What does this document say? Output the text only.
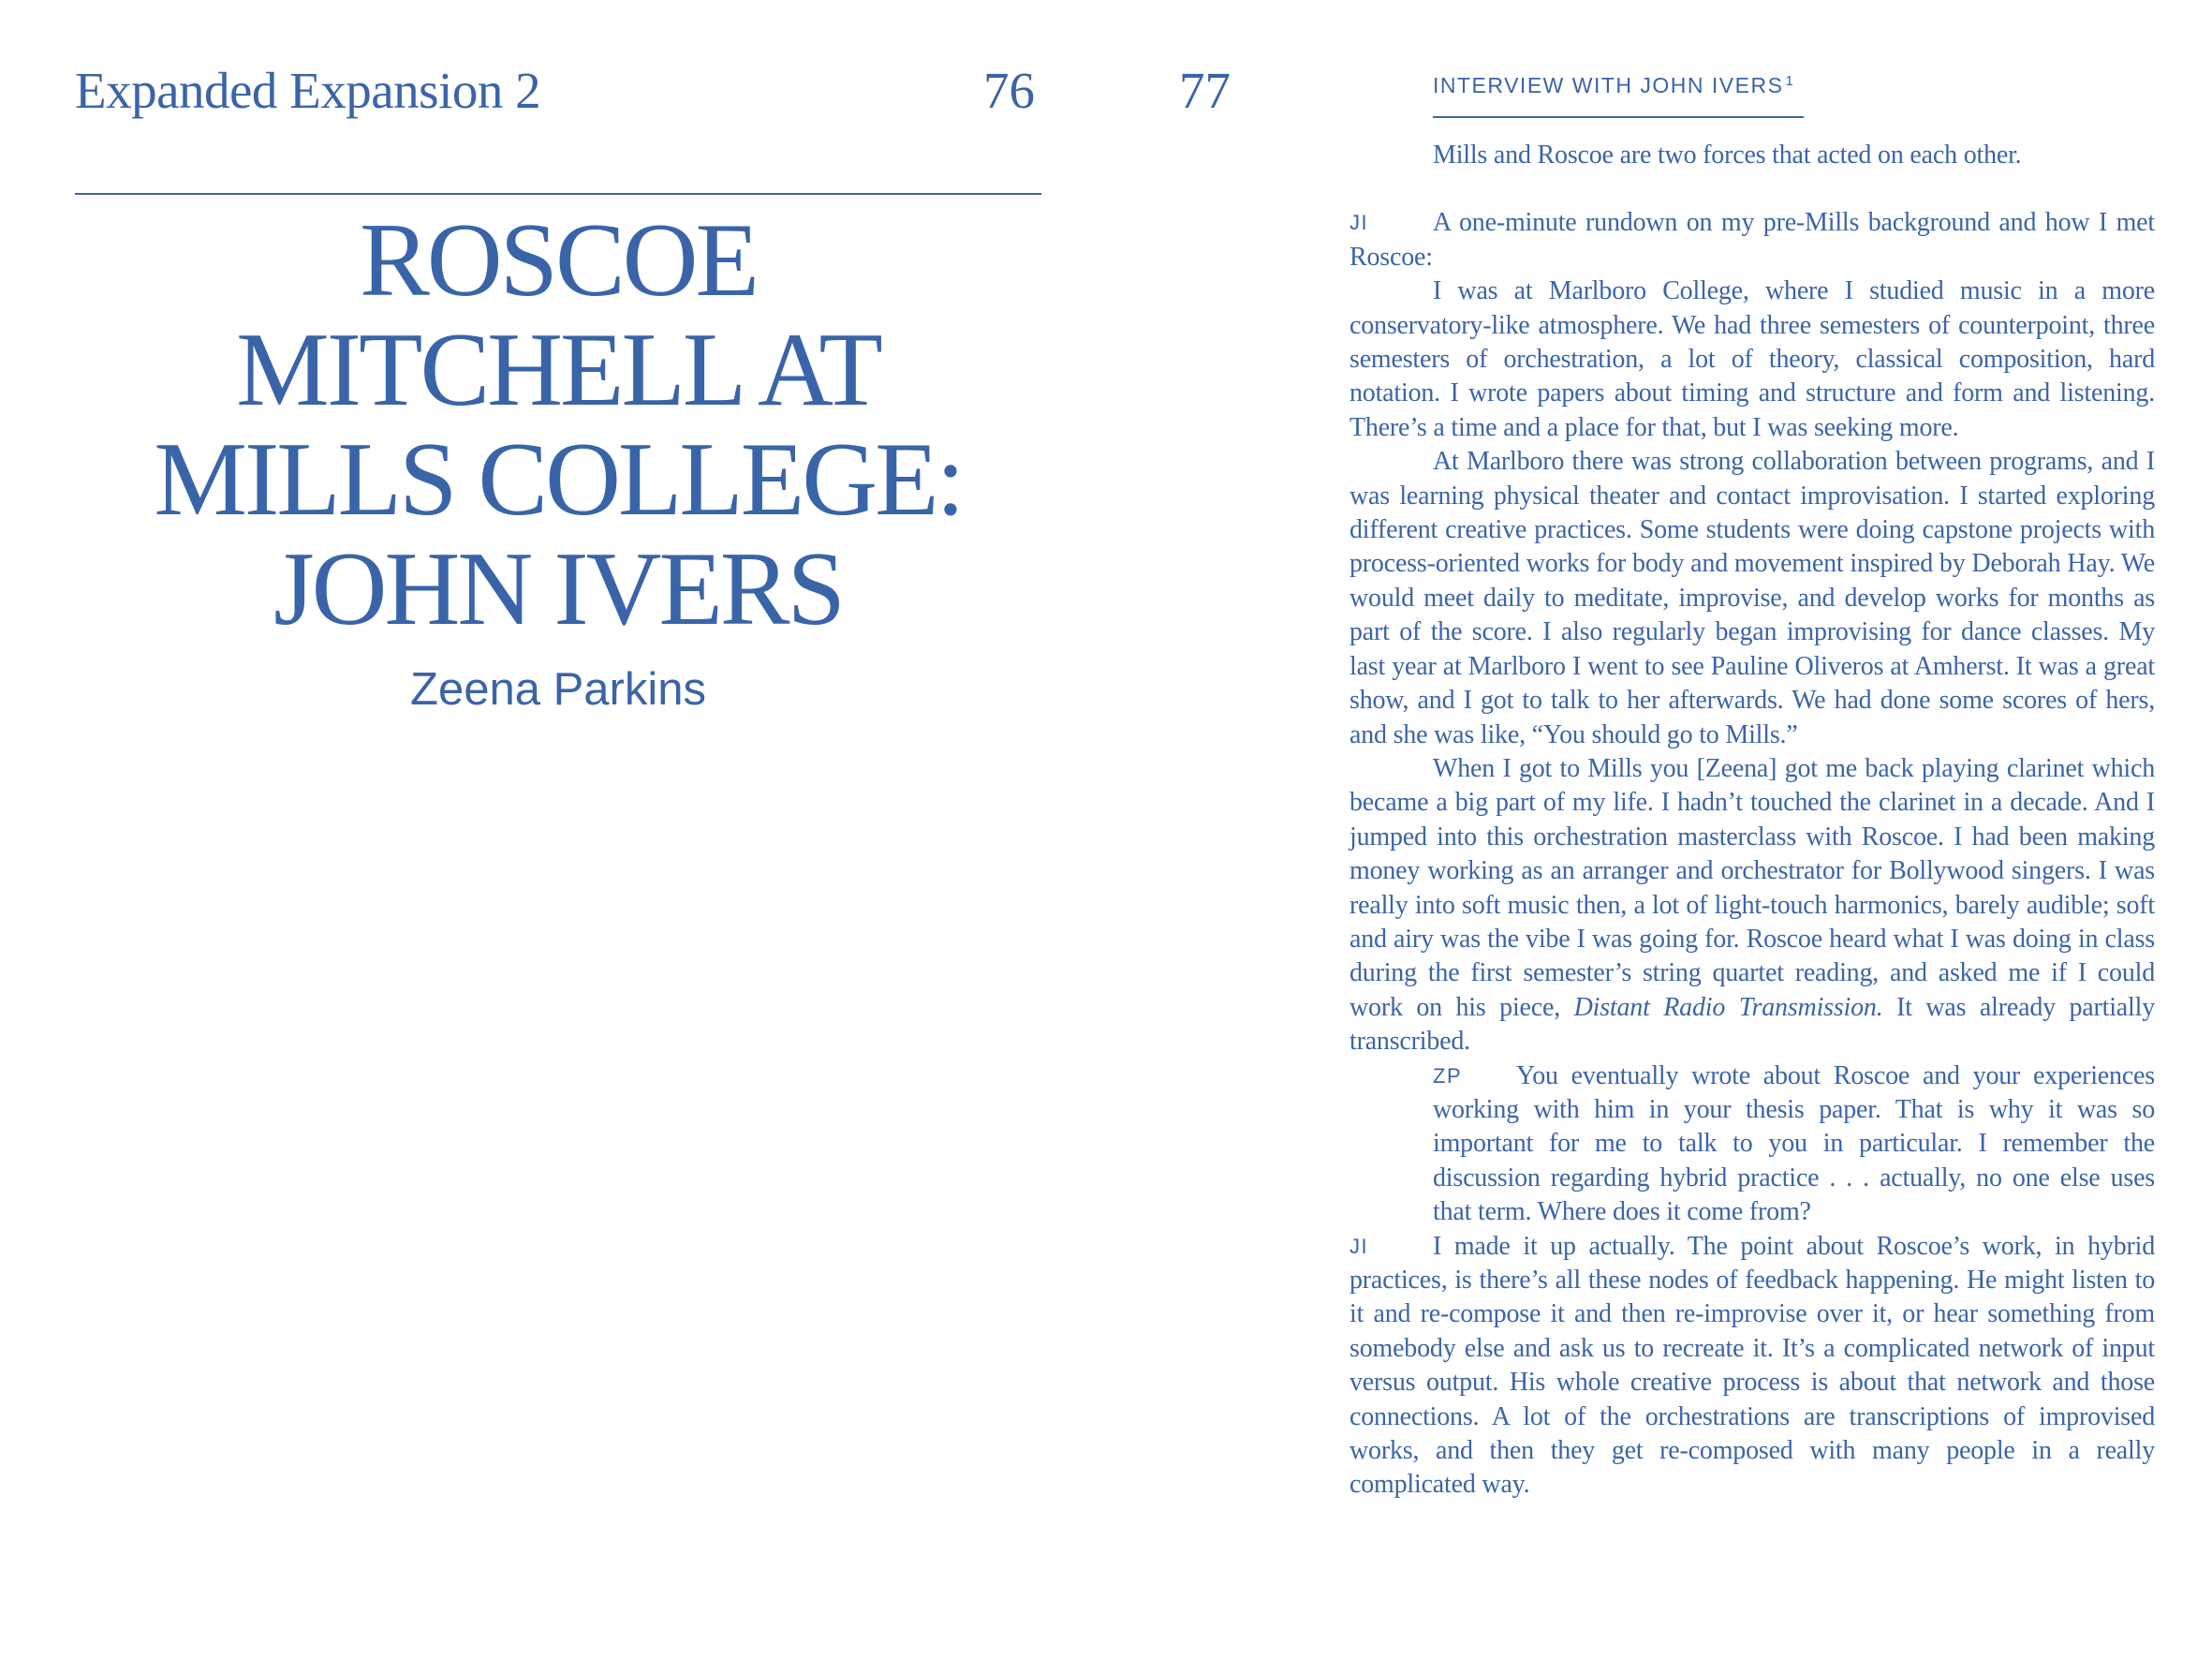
Expanded Expansion 2	76
ROSCOE
MITCHELL AT
MILLS COLLEGE:
JOHN IVERS
Zeena Parkins
77	INTERVIEW WITH JOHN IVERS $^1$

Mills and Roscoe are two forces that acted on each other.

JI	A one-minute rundown on my pre-Mills background and how I met Roscoe:

I was at Marlboro College, where I studied music in a more conservatory-like atmosphere. We had three semesters of counterpoint, three semesters of orchestration, a lot of theory, classical composition, hard notation. I wrote papers about timing and structure and form and listening. There’s a time and a place for that, but I was seeking more.

At Marlboro there was strong collaboration between programs, and I was learning physical theater and contact improvisation. I started exploring different creative practices. Some students were doing capstone projects with process-oriented works for body and movement inspired by Deborah Hay. We would meet daily to meditate, improvise, and develop works for months as part of the score. I also regularly began improvising for dance classes. My last year at Marlboro I went to see Pauline Oliveros at Amherst. It was a great show, and I got to talk to her afterwards. We had done some scores of hers, and she was like, “You should go to Mills.”

When I got to Mills you [Zeena] got me back playing clarinet which became a big part of my life. I hadn’t touched the clarinet in a decade. And I jumped into this orchestration masterclass with Roscoe. I had been making money working as an arranger and orchestrator for Bollywood singers. I was really into soft music then, a lot of light-touch harmonics, barely audible; soft and airy was the vibe I was going for. Roscoe heard what I was doing in class during the first semester’s string quartet reading, and asked me if I could work on his piece, Distant Radio Transmission. It was already partially transcribed.

ZP	You eventually wrote about Roscoe and your experiences working with him in your thesis paper. That is why it was so important for me to talk to you in particular. I remember the discussion regarding hybrid practice . . . actually, no one else uses that term. Where does it come from?

JI	I made it up actually. The point about Roscoe’s work, in hybrid practices, is there’s all these nodes of feedback happening. He might listen to it and re-compose it and then re-improvise over it, or hear something from somebody else and ask us to recreate it. It’s a complicated network of input versus output. His whole creative process is about that network and those connections. A lot of the orchestrations are transcriptions of improvised works, and then they get re-composed with many people in a really complicated way.
